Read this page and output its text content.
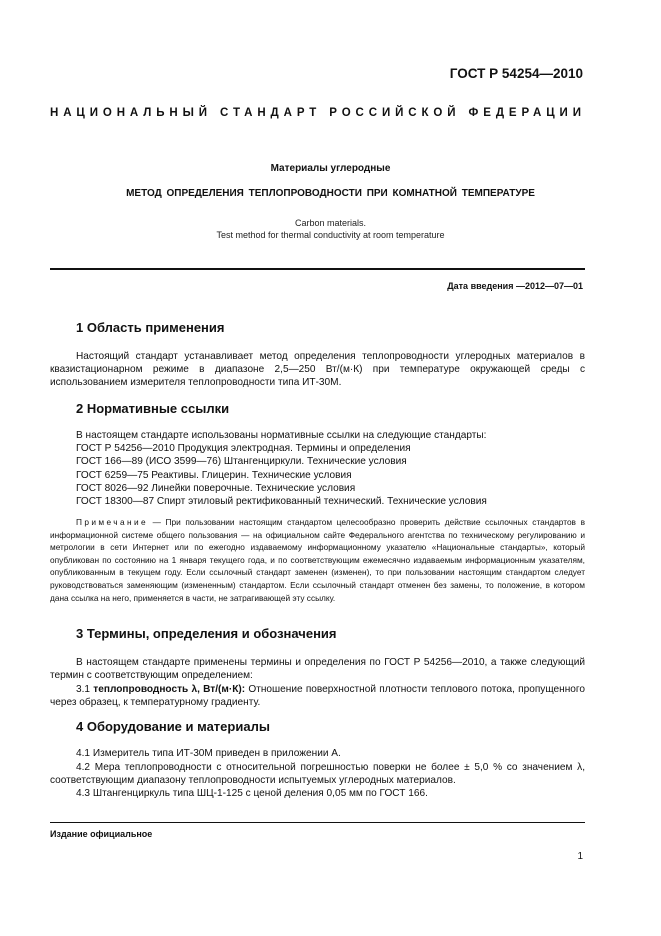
ГОСТ Р 54254—2010
НАЦИОНАЛЬНЫЙ СТАНДАРТ РОССИЙСКОЙ ФЕДЕРАЦИИ
Материалы углеродные
МЕТОД ОПРЕДЕЛЕНИЯ ТЕПЛОПРОВОДНОСТИ ПРИ КОМНАТНОЙ ТЕМПЕРАТУРЕ
Carbon materials.
Test method for thermal conductivity at room temperature
Дата введения —2012—07—01
1 Область применения

Настоящий стандарт устанавливает метод определения теплопроводности углеродных материалов в квазистационарном режиме в диапазоне 2,5—250 Вт/(м·К) при температуре окружающей среды с использованием измерителя теплопроводности типа ИТ-30М.

2 Нормативные ссылки
В настоящем стандарте использованы нормативные ссылки на следующие стандарты:
ГОСТ Р 54256—2010 Продукция электродная. Термины и определения
ГОСТ 166—89 (ИСО 3599—76) Штангенциркули. Технические условия
ГОСТ 6259—75 Реактивы. Глицерин. Технические условия
ГОСТ 8026—92 Линейки поверочные. Технические условия
ГОСТ 18300—87 Спирт этиловый ректификованный технический. Технические условия

Примечание — При пользовании настоящим стандартом целесообразно проверить действие ссылочных стандартов в информационной системе общего пользования — на официальном сайте Федерального агентства по техническому регулированию и метрологии в сети Интернет или по ежегодно издаваемому информационному указателю «Национальные стандарты», который опубликован по состоянию на 1 января текущего года, и по соответствующим ежемесячно издаваемым информационным указателям, опубликованным в текущем году. Если ссылочный стандарт заменен (изменен), то при пользовании настоящим стандартом следует руководствоваться заменяющим (измененным) стандартом. Если ссылочный стандарт отменен без замены, то положение, в котором дана ссылка на него, применяется в части, не затрагивающей эту ссылку.

3 Термины, определения и обозначения

В настоящем стандарте применены термины и определения по ГОСТ Р 54256—2010, а также следующий термин с соответствующим определением:

3.1 теплопроводность λ, Вт/(м·К): Отношение поверхностной плотности теплового потока, пропущенного через образец, к температурному градиенту.

4 Оборудование и материалы

4.1 Измеритель типа ИТ-30М приведен в приложении А.

4.2 Мера теплопроводности с относительной погрешностью поверки не более ± 5,0 % со значением λ, соответствующим диапазону теплопроводности испытуемых углеродных материалов.

4.3 Штангенциркуль типа ШЦ-1-125 с ценой деления 0,05 мм по ГОСТ 166.

Издание официальное
1
